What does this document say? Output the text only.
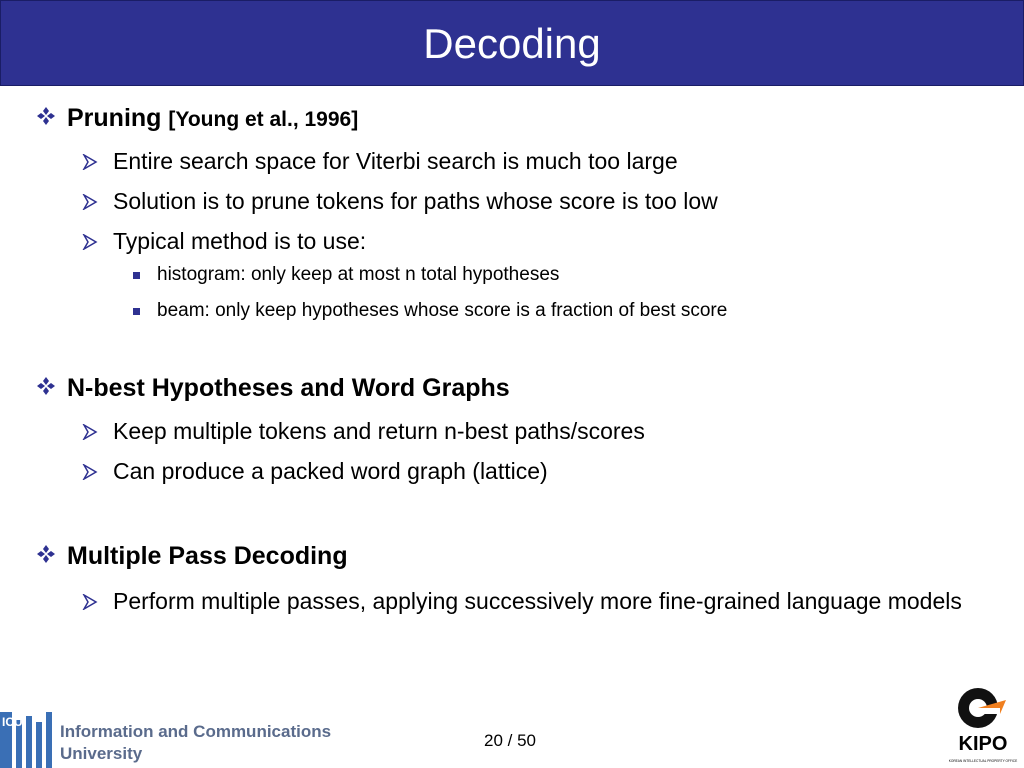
Decoding
Pruning [Young et al., 1996]
Entire search space for Viterbi search is much too large
Solution is to prune tokens for paths whose score is too low
Typical method is to use:
histogram: only keep at most n total hypotheses
beam: only keep hypotheses whose score is a fraction of best score
N-best Hypotheses and Word Graphs
Keep multiple tokens and return n-best paths/scores
Can produce a packed word graph (lattice)
Multiple Pass Decoding
Perform multiple passes, applying successively more fine-grained language models
ICU Information and Communications
University
20 / 50	KIPO
KOREAN INTELLECTUAL PROPERTY OFFICE
